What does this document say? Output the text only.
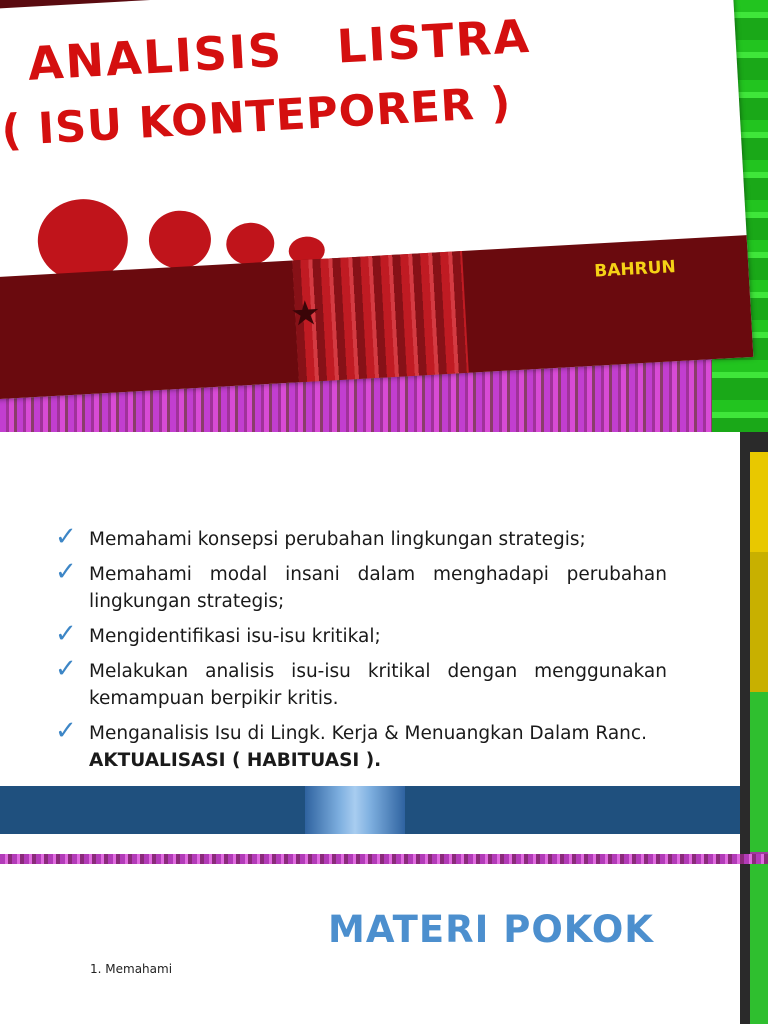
ANALISIS   LISTRA
( ISU KONTEPORER )
★

BAHRUN

✓ Memahami konsepsi perubahan lingkungan strategis;
✓ Memahami modal insani dalam menghadapi perubahan lingkungan strategis;
✓ Mengidentifikasi isu-isu kritikal;
✓ Melakukan analisis isu-isu kritikal dengan menggunakan kemampuan berpikir kritis.
✓ Menganalisis Isu di Lingk. Kerja & Menuangkan Dalam Ranc.
AKTUALISASI ( HABITUASI ).
MATERI POKOK

1. Memahami
